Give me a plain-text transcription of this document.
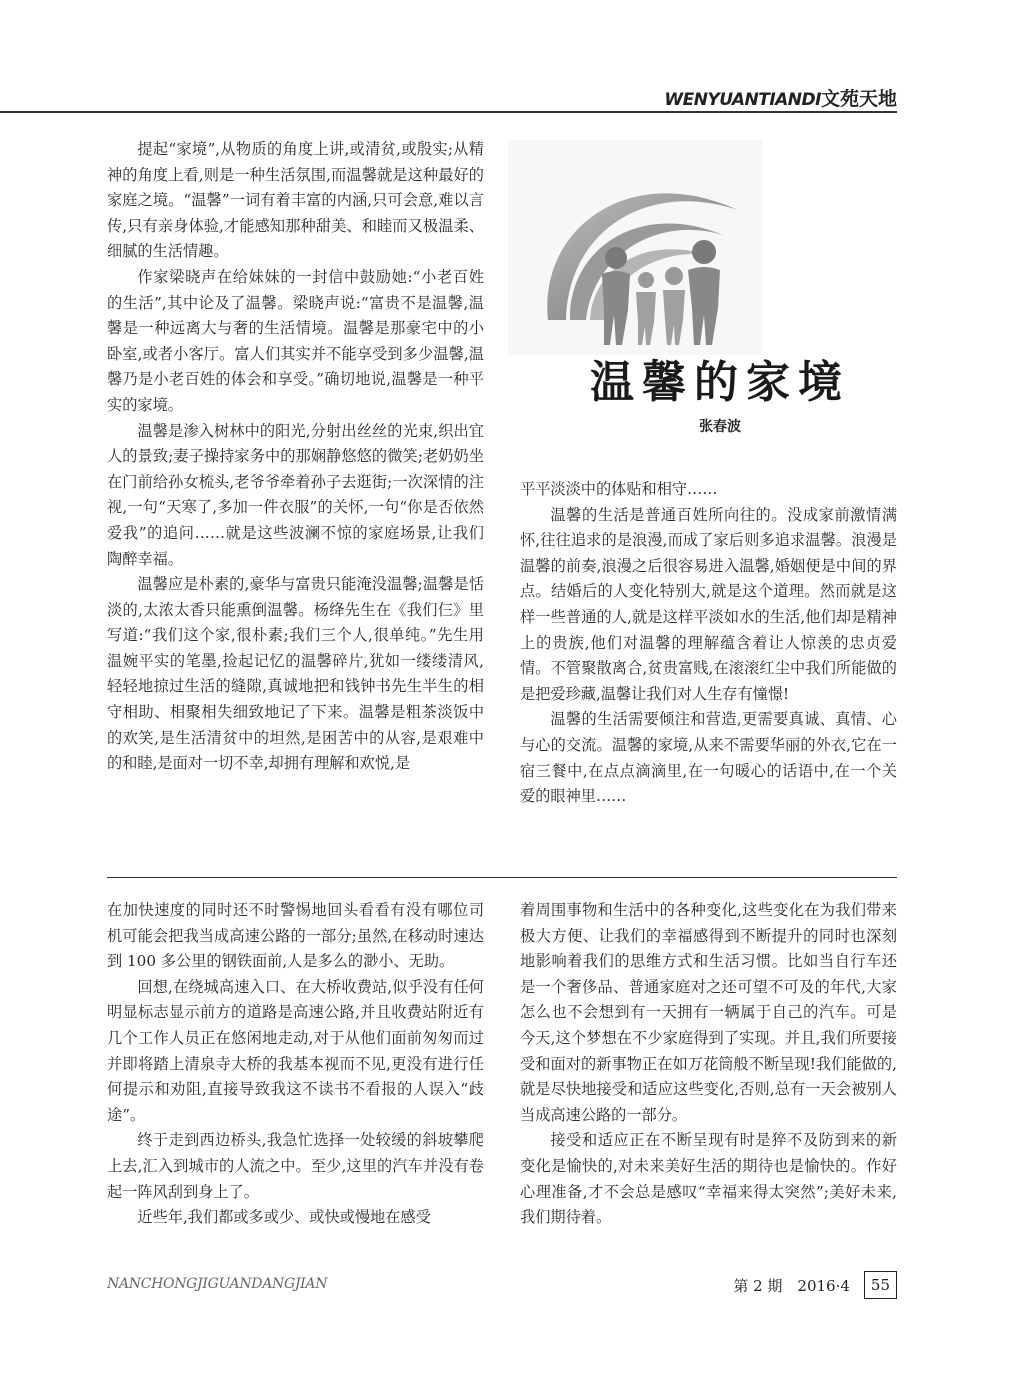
WENYUANTIANDI文苑天地

提起“家境”,从物质的角度上讲,或清贫,或殷实;从精神的角度上看,则是一种生活氛围,而温馨就是这种最好的家庭之境。“温馨”一词有着丰富的内涵,只可会意,难以言传,只有亲身体验,才能感知那种甜美、和睦而又极温柔、细腻的生活情趣。

作家梁晓声在给妹妹的一封信中鼓励她:“小老百姓的生活”,其中论及了温馨。梁晓声说:“富贵不是温馨,温馨是一种远离大与奢的生活情境。温馨是那豪宅中的小卧室,或者小客厅。富人们其实并不能享受到多少温馨,温馨乃是小老百姓的体会和享受。”确切地说,温馨是一种平实的家境。

温馨是渗入树林中的阳光,分射出丝丝的光束,织出宜人的景致;妻子操持家务中的那娴静悠悠的微笑;老奶奶坐在门前给孙女梳头,老爷爷牵着孙子去逛街;一次深情的注视,一句“天寒了,多加一件衣服”的关怀,一句“你是否依然爱我”的追问……就是这些波澜不惊的家庭场景,让我们陶醉幸福。

温馨应是朴素的,豪华与富贵只能淹没温馨;温馨是恬淡的,太浓太香只能熏倒温馨。杨绛先生在《我们仨》里写道:“我们这个家,很朴素;我们三个人,很单纯。”先生用温婉平实的笔墨,捡起记忆的温馨碎片,犹如一缕缕清风,轻轻地掠过生活的缝隙,真诚地把和钱钟书先生半生的相守相助、相聚相失细致地记了下来。温馨是粗茶淡饭中的欢笑,是生活清贫中的坦然,是困苦中的从容,是艰难中的和睦,是面对一切不幸,却拥有理解和欢悦,是

温馨的家境
张春波

平平淡淡中的体贴和相守……

温馨的生活是普通百姓所向往的。没成家前激情满怀,往往追求的是浪漫,而成了家后则多追求温馨。浪漫是温馨的前奏,浪漫之后很容易进入温馨,婚姻便是中间的界点。结婚后的人变化特别大,就是这个道理。然而就是这样一些普通的人,就是这样平淡如水的生活,他们却是精神上的贵族,他们对温馨的理解蕴含着让人惊羡的忠贞爱情。不管聚散离合,贫贵富贱,在滚滚红尘中我们所能做的是把爱珍藏,温馨让我们对人生存有憧憬!

温馨的生活需要倾注和营造,更需要真诚、真情、心与心的交流。温馨的家境,从来不需要华丽的外衣,它在一宿三餐中,在点点滴滴里,在一句暖心的话语中,在一个关爱的眼神里……

在加快速度的同时还不时警惕地回头看看有没有哪位司机可能会把我当成高速公路的一部分;虽然,在移动时速达到 100 多公里的钢铁面前,人是多么的渺小、无助。

回想,在绕城高速入口、在大桥收费站,似乎没有任何明显标志显示前方的道路是高速公路,并且收费站附近有几个工作人员正在悠闲地走动,对于从他们面前匆匆而过并即将踏上清泉寺大桥的我基本视而不见,更没有进行任何提示和劝阻,直接导致我这不读书不看报的人误入“歧途”。

终于走到西边桥头,我急忙选择一处较缓的斜坡攀爬上去,汇入到城市的人流之中。至少,这里的汽车并没有卷起一阵风刮到身上了。

近些年,我们都或多或少、或快或慢地在感受

着周围事物和生活中的各种变化,这些变化在为我们带来极大方便、让我们的幸福感得到不断提升的同时也深刻地影响着我们的思维方式和生活习惯。比如当自行车还是一个奢侈品、普通家庭对之还可望不可及的年代,大家怎么也不会想到有一天拥有一辆属于自己的汽车。可是今天,这个梦想在不少家庭得到了实现。并且,我们所要接受和面对的新事物正在如万花筒般不断呈现!我们能做的,就是尽快地接受和适应这些变化,否则,总有一天会被别人当成高速公路的一部分。

接受和适应正在不断呈现有时是猝不及防到来的新变化是愉快的,对未来美好生活的期待也是愉快的。作好心理准备,才不会总是感叹“幸福来得太突然”;美好未来,我们期待着。

NANCHONGJIGUANDANGJIAN	第 2 期　2016·4	55
